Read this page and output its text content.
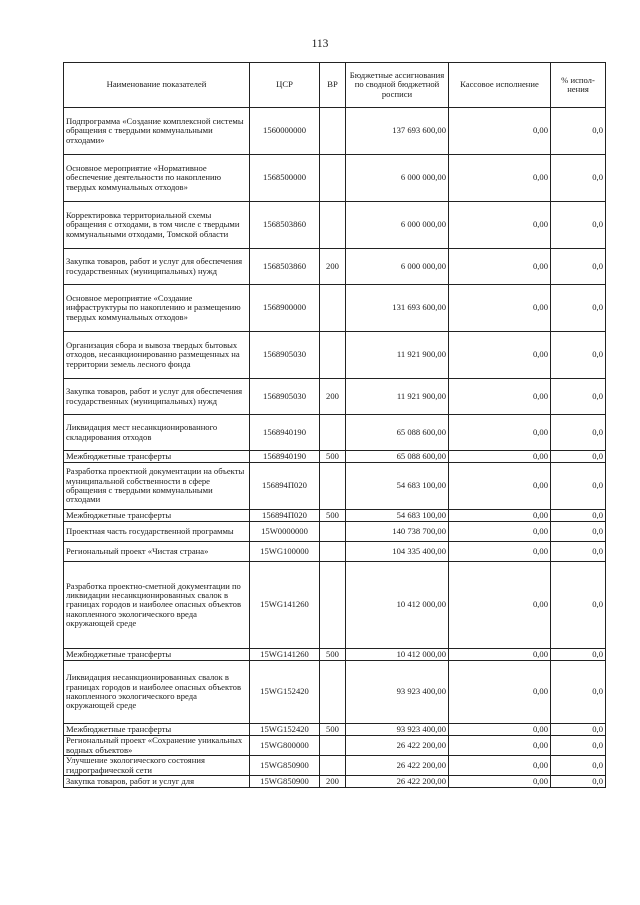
113
Наименование показателей	ЦСР	ВР	Бюджетные ассигнования по сводной бюджетной росписи	Кассовое исполнение	% испол-нения
Подпрограмма «Создание комплексной системы обращения с твердыми коммунальными отходами»	1560000000		137 693 600,00	0,00	0,0
Основное мероприятие «Нормативное обеспечение деятельности по накоплению твердых коммунальных отходов»	1568500000		6 000 000,00	0,00	0,0
Корректировка территориальной схемы обращения с отходами, в том числе с твердыми коммунальными отходами, Томской области	1568503860		6 000 000,00	0,00	0,0
Закупка товаров, работ и услуг для обеспечения государственных (муниципальных) нужд	1568503860	200	6 000 000,00	0,00	0,0
Основное мероприятие «Создание инфраструктуры по накоплению и размещению твердых коммунальных отходов»	1568900000		131 693 600,00	0,00	0,0
Организация сбора и вывоза твердых бытовых отходов, несанкционированно размещенных на территории земель лесного фонда	1568905030		11 921 900,00	0,00	0,0
Закупка товаров, работ и услуг для обеспечения государственных (муниципальных) нужд	1568905030	200	11 921 900,00	0,00	0,0
Ликвидация мест несанкционированного складирования отходов	1568940190		65 088 600,00	0,00	0,0
Межбюджетные трансферты	1568940190	500	65 088 600,00	0,00	0,0
Разработка проектной документации на объекты муниципальной собственности в сфере обращения с твердыми коммунальными отходами	156894П020		54 683 100,00	0,00	0,0
Межбюджетные трансферты	156894П020	500	54 683 100,00	0,00	0,0
Проектная часть государственной программы	15W0000000		140 738 700,00	0,00	0,0
Региональный проект «Чистая страна»	15WG100000		104 335 400,00	0,00	0,0
Разработка проектно-сметной документации по ликвидации несанкционированных свалок в границах городов и наиболее опасных объектов накопленного экологического вреда окружающей среде	15WG141260		10 412 000,00	0,00	0,0
Межбюджетные трансферты	15WG141260	500	10 412 000,00	0,00	0,0
Ликвидация несанкционированных свалок в границах городов и наиболее опасных объектов накопленного экологического вреда окружающей среде	15WG152420		93 923 400,00	0,00	0,0
Межбюджетные трансферты	15WG152420	500	93 923 400,00	0,00	0,0
Региональный проект «Сохранение уникальных водных объектов»	15WG800000		26 422 200,00	0,00	0,0
Улучшение экологического состояния гидрографической сети	15WG850900		26 422 200,00	0,00	0,0
Закупка товаров, работ и услуг для	15WG850900	200	26 422 200,00	0,00	0,0
